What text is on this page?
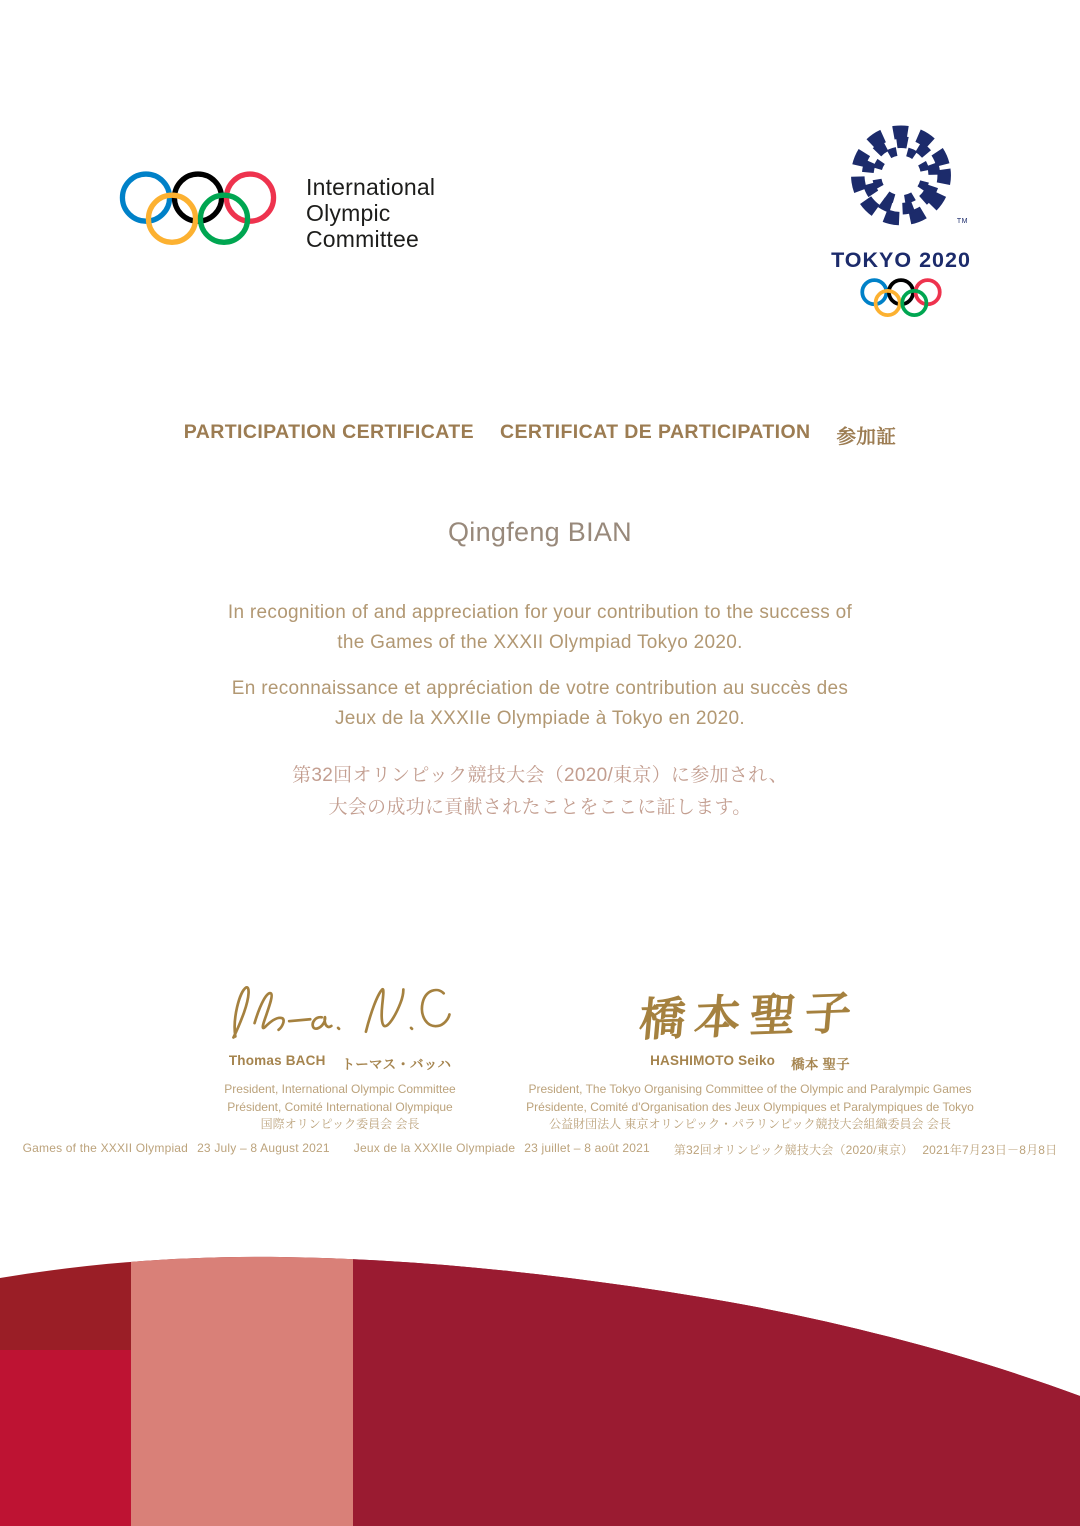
International
Olympic
Committee
TM
TOKYO 2020
PARTICIPATION CERTIFICATE CERTIFICAT DE PARTICIPATION 参加証
Qingfeng BIAN

In recognition of and appreciation for your contribution to the success of

the Games of the XXXII Olympiad Tokyo 2020.

En reconnaissance et appréciation de votre contribution au succès des

Jeux de la XXXIIe Olympiade à Tokyo en 2020.

第32回オリンピック競技大会（2020/東京）に参加され、

大会の成功に貢献されたことをここに証します。

Thomas BACH トーマス・バッハ
President, International Olympic Committee
Président, Comité International Olympique
国際オリンピック委員会 会長
橋本聖子
HASHIMOTO Seiko 橋本 聖子
President, The Tokyo Organising Committee of the Olympic and Paralympic Games
Présidente, Comité d'Organisation des Jeux Olympiques et Paralympiques de Tokyo
公益財団法人 東京オリンピック・パラリンピック競技大会組織委員会 会長
Games of the XXXII Olympiad 23 July – 8 August 2021 Jeux de la XXXIIe Olympiade 23 juillet – 8 août 2021 第32回オリンピック競技大会（2020/東京） 2021年7月23日－8月8日
